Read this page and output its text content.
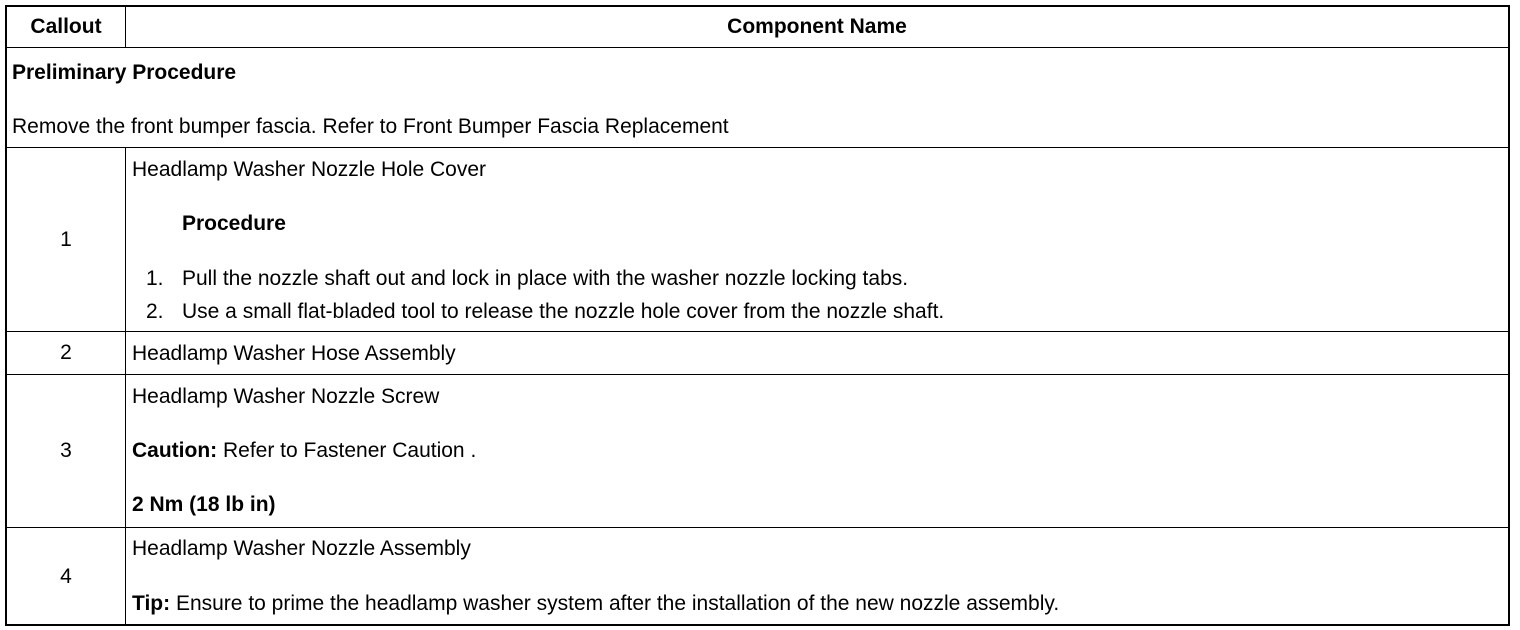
Callout	Component Name
Preliminary Procedure
Remove the front bumper fascia. Refer to Front Bumper Fascia Replacement
1
Headlamp Washer Nozzle Hole Cover
Procedure
1. Pull the nozzle shaft out and lock in place with the washer nozzle locking tabs.
2. Use a small flat-bladed tool to release the nozzle hole cover from the nozzle shaft.
2	Headlamp Washer Hose Assembly
3
Headlamp Washer Nozzle Screw
Caution: Refer to Fastener Caution .
2 Nm (18 lb in)
4
Headlamp Washer Nozzle Assembly
Tip: Ensure to prime the headlamp washer system after the installation of the new nozzle assembly.
